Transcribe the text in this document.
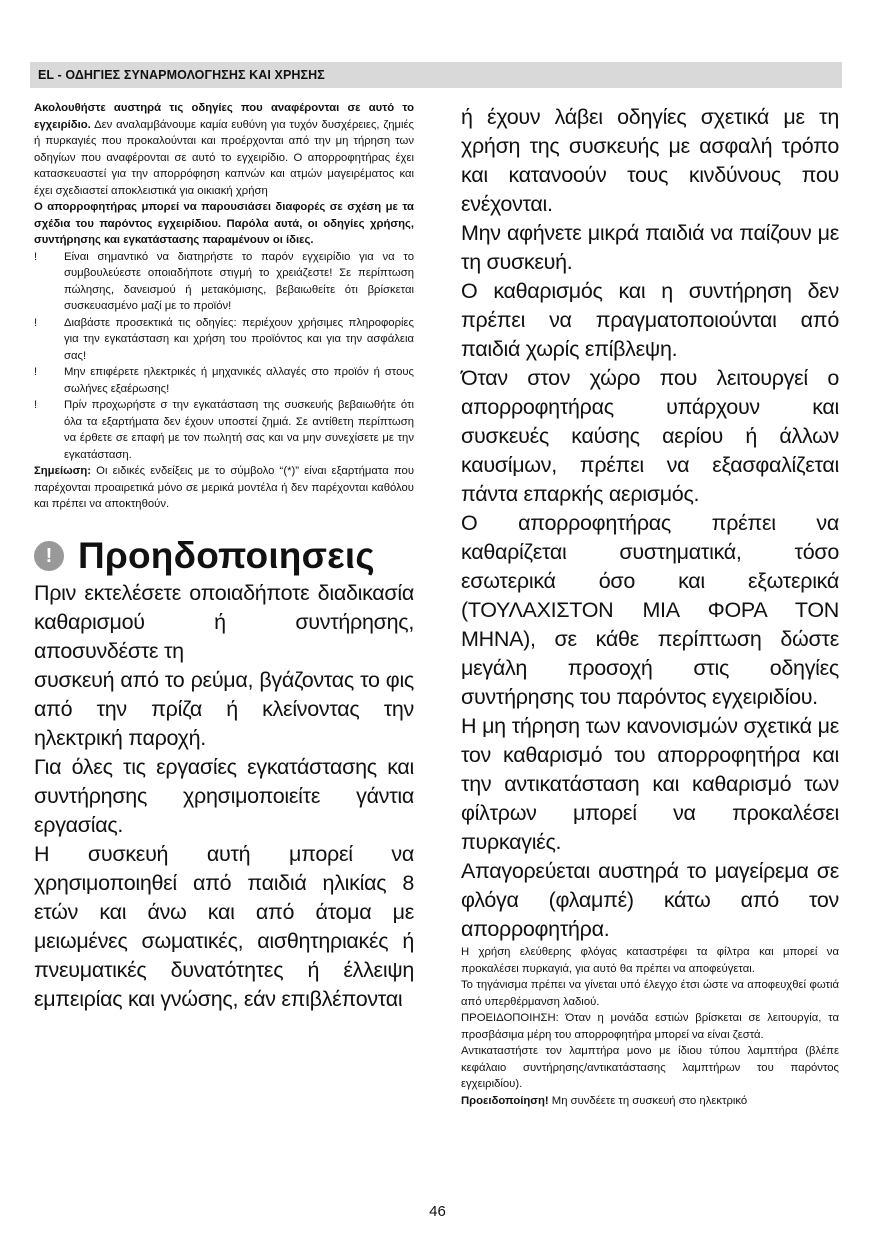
EL - ΟΔΗΓΙΕΣ ΣΥΝΑΡΜΟΛΟΓΗΣΗΣ ΚΑΙ ΧΡΗΣΗΣ

Ακολουθήστε αυστηρά τις οδηγίες που αναφέρονται σε αυτό το εγχειρίδιο. Δεν αναλαμβάνουμε καμία ευθύνη για τυχόν δυσχέρειες, ζημιές ή πυρκαγιές που προκαλούνται και προέρχονται από την μη τήρηση των οδηγίων που αναφέρονται σε αυτό το εγχειρίδιο. Ο απορροφητήρας έχει κατασκευαστεί για την απορρόφηση καπνών και ατμών μαγειρέματος και έχει σχεδιαστεί αποκλειστικά για οικιακή χρήση

Ο απορροφητήρας μπορεί να παρουσιάσει διαφορές σε σχέση με τα σχέδια του παρόντος εγχειρίδιου. Παρόλα αυτά, οι οδηγίες χρήσης, συντήρησης και εγκατάστασης παραμένουν οι ίδιες.

!	Είναι σημαντικό να διατηρήστε το παρόν εγχειρίδιο για να το συμβουλεύεστε οποιαδήποτε στιγμή το χρειάζεστε! Σε περίπτωση πώλησης, δανεισμού ή μετακόμισης, βεβαιωθείτε ότι βρίσκεται συσκευασμένο μαζί με το προϊόν!
!	Διαβάστε προσεκτικά τις οδηγίες: περιέχουν χρήσιμες πληροφορίες για την εγκατάσταση και χρήση του προϊόντος και για την ασφάλεια σας!
!	Μην επιφέρετε ηλεκτρικές ή μηχανικές αλλαγές στο προϊόν ή στους σωλήνες εξαέρωσης!
!	Πρίν προχωρήστε σ την εγκατάσταση της συσκευής βεβαιωθήτε ότι όλα τα εξαρτήματα δεν έχουν υποστεί ζημιά. Σε αντίθετη περίπτωση να έρθετε σε επαφή με τον πωλητή σας και να μην συνεχίσετε με την εγκατάσταση.

Σημείωση: Οι ειδικές ενδείξεις με το σύμβολο “(*)” είναι εξαρτήματα που παρέχονται προαιρετικά μόνο σε μερικά μοντέλα ή δεν παρέχονται καθόλου και πρέπει να αποκτηθούν.

! Προηδοποιησεις

Πριν εκτελέσετε οποιαδήποτε διαδικασία καθαρισμού ή συντήρησης, αποσυνδέστε τη

συσκευή από το ρεύμα, βγάζοντας το φις από την πρίζα ή κλείνοντας την ηλεκτρική παροχή.

Για όλες τις εργασίες εγκατάστασης και συντήρησης χρησιμοποιείτε γάντια εργασίας.

Η συσκευή αυτή μπορεί να χρησιμοποιηθεί από παιδιά ηλικίας 8 ετών και άνω και από άτομα με μειωμένες σωματικές, αισθητηριακές ή πνευματικές δυνατότητες ή έλλειψη εμπειρίας και γνώσης, εάν επιβλέπονται

ή έχουν λάβει οδηγίες σχετικά με τη χρήση της συσκευής με ασφαλή τρόπο και κατανοούν τους κινδύνους που ενέχονται.

Μην αφήνετε μικρά παιδιά να παίζουν με τη συσκευή.

Ο καθαρισμός και η συντήρηση δεν πρέπει να πραγματοποιούνται από παιδιά χωρίς επίβλεψη.

Όταν στον χώρο που λειτουργεί ο απορροφητήρας υπάρχουν και συσκευές καύσης αερίου ή άλλων καυσίμων, πρέπει να εξασφαλίζεται πάντα επαρκής αερισμός.

Ο απορροφητήρας πρέπει να καθαρίζεται συστηματικά, τόσο εσωτερικά όσο και εξωτερικά (ΤΟΥΛΑΧΙΣΤΟΝ ΜΙΑ ΦΟΡΑ ΤΟΝ ΜΗΝΑ), σε κάθε περίπτωση δώστε μεγάλη προσοχή στις οδηγίες συντήρησης του παρόντος εγχειριδίου.

Η μη τήρηση των κανονισμών σχετικά με τον καθαρισμό του απορροφητήρα και την αντικατάσταση και καθαρισμό των φίλτρων μπορεί να προκαλέσει πυρκαγιές.

Απαγορεύεται αυστηρά το μαγείρεμα σε φλόγα (φλαμπέ) κάτω από τον απορροφητήρα.

Η χρήση ελεύθερης φλόγας καταστρέφει τα φίλτρα και μπορεί να προκαλέσει πυρκαγιά, για αυτό θα πρέπει να αποφεύγεται.

Το τηγάνισμα πρέπει να γίνεται υπό έλεγχο έτσι ώστε να αποφευχθεί φωτιά από υπερθέρμανση λαδιού.

ΠΡΟΕΙΔΟΠΟΙΗΣΗ: Όταν η μονάδα εστιών βρίσκεται σε λειτουργία, τα προσβάσιμα μέρη του απορροφητήρα μπορεί να είναι ζεστά.

Αντικαταστήστε τον λαμπτήρα μονο με ίδιου τύπου λαμπτήρα (βλέπε κεφάλαιο συντήρησης/αντικατάστασης λαμπτήρων του παρόντος εγχειριδίου).

Προειδοποίηση! Μη συνδέετε τη συσκευή στο ηλεκτρικό

46
